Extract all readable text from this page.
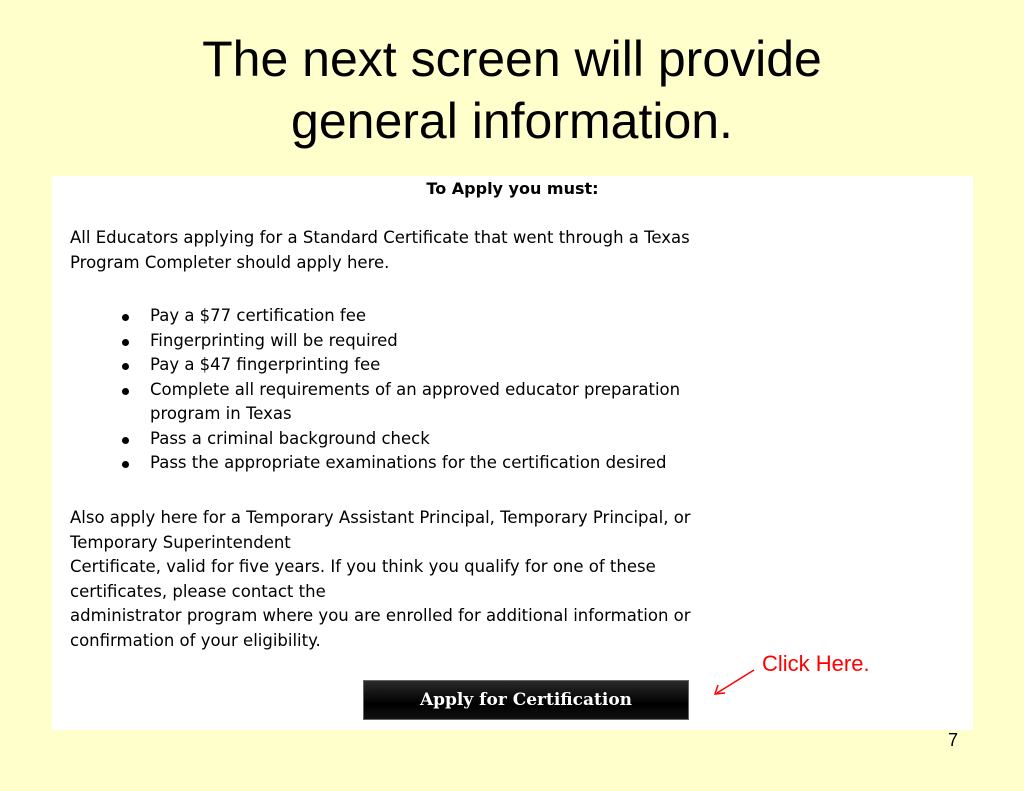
The next screen will provide
general information.
To Apply you must:
All Educators applying for a Standard Certificate that went through a Texas
Program Completer should apply here.
Pay a $77 certification fee
Fingerprinting will be required
Pay a $47 fingerprinting fee
Complete all requirements of an approved educator preparation
program in Texas
Pass a criminal background check
Pass the appropriate examinations for the certification desired
Also apply here for a Temporary Assistant Principal, Temporary Principal, or
Temporary Superintendent
Certificate, valid for five years. If you think you qualify for one of these
certificates, please contact the
administrator program where you are enrolled for additional information or
confirmation of your eligibility.
Apply for Certification
Click Here.
7
